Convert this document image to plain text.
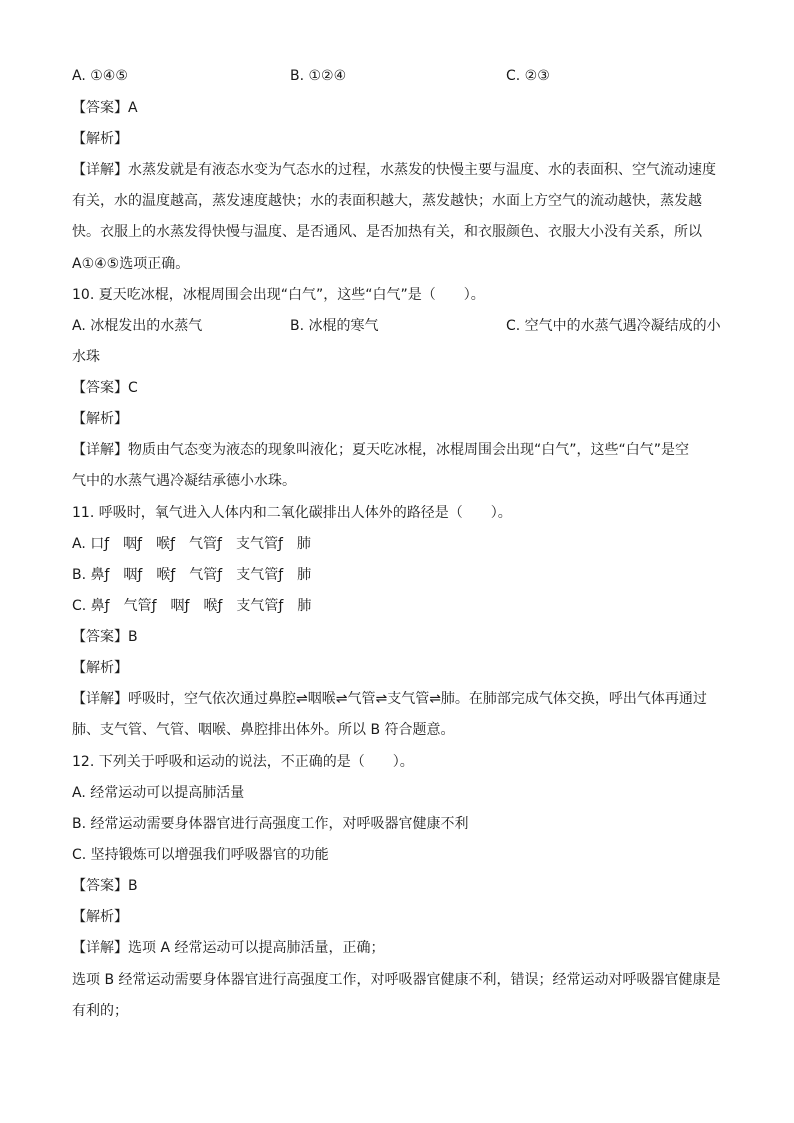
A. ①④⑤	B. ①②④	C. ②③
【答案】A
【解析】
【详解】水蒸发就是有液态水变为气态水的过程，水蒸发的快慢主要与温度、水的表面积、空气流动速度
有关，水的温度越高，蒸发速度越快；水的表面积越大，蒸发越快；水面上方空气的流动越快，蒸发越
快。衣服上的水蒸发得快慢与温度、是否通风、是否加热有关，和衣服颜色、衣服大小没有关系，所以
A①④⑤选项正确。
10. 夏天吃冰棍，冰棍周围会出现“白气”，这些“白气”是（　　）。
A. 冰棍发出的水蒸气	B. 冰棍的寒气	C. 空气中的水蒸气遇冷凝结成的小
水珠
【答案】C
【解析】
【详解】物质由气态变为液态的现象叫液化；夏天吃冰棍，冰棍周围会出现“白气”，这些“白气”是空
气中的水蒸气遇冷凝结承德小水珠。
11. 呼吸时，氧气进入人体内和二氧化碳排出人体外的路径是（　　）。
A. 口ƒ　咽ƒ　喉ƒ　气管ƒ　支气管ƒ　肺
B. 鼻ƒ　咽ƒ　喉ƒ　气管ƒ　支气管ƒ　肺
C. 鼻ƒ　气管ƒ　咽ƒ　喉ƒ　支气管ƒ　肺
【答案】B
【解析】
【详解】呼吸时，空气依次通过鼻腔⇌咽喉⇌气管⇌支气管⇌肺。在肺部完成气体交换，呼出气体再通过
肺、支气管、气管、咽喉、鼻腔排出体外。所以 B 符合题意。
12. 下列关于呼吸和运动的说法，不正确的是（　　）。
A. 经常运动可以提高肺活量
B. 经常运动需要身体器官进行高强度工作，对呼吸器官健康不利
C. 坚持锻炼可以增强我们呼吸器官的功能
【答案】B
【解析】
【详解】选项 A 经常运动可以提高肺活量，正确；
选项 B 经常运动需要身体器官进行高强度工作，对呼吸器官健康不利，错误；经常运动对呼吸器官健康是
有利的；
